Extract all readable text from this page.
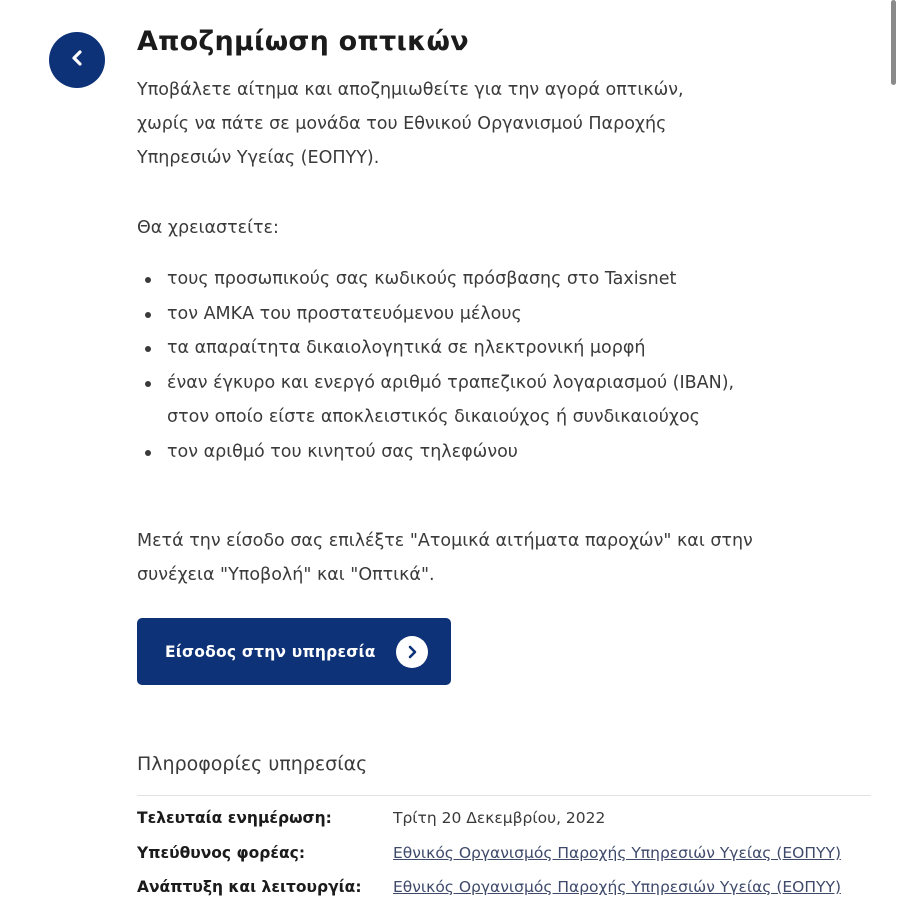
Αποζημίωση οπτικών

Υποβάλετε αίτημα και αποζημιωθείτε για την αγορά οπτικών, χωρίς να πάτε σε μονάδα του Εθνικού Οργανισμού Παροχής Υπηρεσιών Υγείας (ΕΟΠΥΥ).

Θα χρειαστείτε:

τους προσωπικούς σας κωδικούς πρόσβασης στο Taxisnet
τον ΑΜΚΑ του προστατευόμενου μέλους
τα απαραίτητα δικαιολογητικά σε ηλεκτρονική μορφή
έναν έγκυρο και ενεργό αριθμό τραπεζικού λογαριασμού (IBAN), στον οποίο είστε αποκλειστικός δικαιούχος ή συνδικαιούχος
τον αριθμό του κινητού σας τηλεφώνου

Μετά την είσοδο σας επιλέξτε "Ατομικά αιτήματα παροχών" και στην συνέχεια "Υποβολή" και "Οπτικά".

Είσοδος στην υπηρεσία
Πληροφορίες υπηρεσίας
Τελευταία ενημέρωση:	Τρίτη 20 Δεκεμβρίου, 2022
Υπεύθυνος φορέας:	Εθνικός Οργανισμός Παροχής Υπηρεσιών Υγείας (ΕΟΠΥΥ)
Ανάπτυξη και λειτουργία: Εθνικός Οργανισμός Παροχής Υπηρεσιών Υγείας (ΕΟΠΥΥ)
